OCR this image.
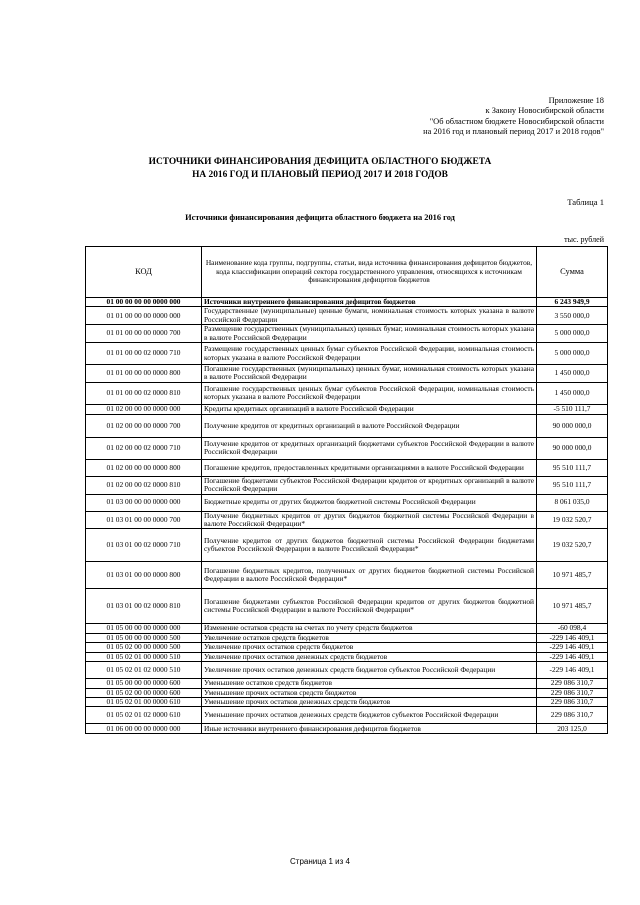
Приложение 18
к Закону Новосибирской области
"Об областном бюджете Новосибирской области
на 2016 год и плановый период 2017 и 2018 годов"
ИСТОЧНИКИ ФИНАНСИРОВАНИЯ ДЕФИЦИТА ОБЛАСТНОГО БЮДЖЕТА
НА 2016 ГОД И ПЛАНОВЫЙ ПЕРИОД 2017 И 2018 ГОДОВ
Таблица 1
Источники финансирования дефицита областного бюджета на 2016 год
тыс. рублей
КОД	Наименование кода группы, подгруппы, статьи, вида источника финансирования дефицитов бюджетов, кода классификации операций сектора государственного управления, относящихся к источникам финансирования дефицитов бюджетов	Сумма
01 00 00 00 00 0000 000	Источники внутреннего финансирования дефицитов бюджетов	6 243 949,9
01 01 00 00 00 0000 000	Государственные (муниципальные) ценные бумаги, номинальная стоимость которых указана в валюте Российской Федерации	3 550 000,0
01 01 00 00 00 0000 700	Размещение государственных (муниципальных) ценных бумаг, номинальная стоимость которых указана в валюте Российской Федерации	5 000 000,0
01 01 00 00 02 0000 710	Размещение государственных ценных бумаг субъектов Российской Федерации, номинальная стоимость которых указана в валюте Российской Федерации	5 000 000,0
01 01 00 00 00 0000 800	Погашение государственных (муниципальных) ценных бумаг, номинальная стоимость которых указана в валюте Российской Федерации	1 450 000,0
01 01 00 00 02 0000 810	Погашение государственных ценных бумаг субъектов Российской Федерации, номинальная стоимость которых указана в валюте Российской Федерации	1 450 000,0
01 02 00 00 00 0000 000	Кредиты кредитных организаций в валюте Российской Федерации	-5 510 111,7
01 02 00 00 00 0000 700	Получение кредитов от кредитных организаций в валюте Российской Федерации	90 000 000,0
01 02 00 00 02 0000 710	Получение кредитов от кредитных организаций бюджетами субъектов Российской Федерации в валюте Российской Федерации	90 000 000,0
01 02 00 00 00 0000 800	Погашение кредитов, предоставленных кредитными организациями в валюте Российской Федерации	95 510 111,7
01 02 00 00 02 0000 810	Погашение бюджетами субъектов Российской Федерации кредитов от кредитных организаций в валюте Российской Федерации	95 510 111,7
01 03 00 00 00 0000 000	Бюджетные кредиты от других бюджетов бюджетной системы Российской Федерации	8 061 035,0
01 03 01 00 00 0000 700	Получение бюджетных кредитов от других бюджетов бюджетной системы Российской Федерации в валюте Российской Федерации*	19 032 520,7
01 03 01 00 02 0000 710	Получение кредитов от других бюджетов бюджетной системы Российской Федерации бюджетами субъектов Российской Федерации в валюте Российской Федерации*	19 032 520,7
01 03 01 00 00 0000 800	Погашение бюджетных кредитов, полученных от других бюджетов бюджетной системы Российской Федерации в валюте Российской Федерации*	10 971 485,7
01 03 01 00 02 0000 810	Погашение бюджетами субъектов Российской Федерации кредитов от других бюджетов бюджетной системы Российской Федерации в валюте Российской Федерации*	10 971 485,7
01 05 00 00 00 0000 000	Изменение остатков средств на счетах по учету средств бюджетов	-60 098,4
01 05 00 00 00 0000 500	Увеличение остатков средств бюджетов	-229 146 409,1
01 05 02 00 00 0000 500	Увеличение прочих остатков средств бюджетов	-229 146 409,1
01 05 02 01 00 0000 510	Увеличение прочих остатков денежных средств бюджетов	-229 146 409,1
01 05 02 01 02 0000 510	Увеличение прочих остатков денежных средств бюджетов субъектов Российской Федерации	-229 146 409,1
01 05 00 00 00 0000 600	Уменьшение остатков средств бюджетов	229 086 310,7
01 05 02 00 00 0000 600	Уменьшение прочих остатков средств бюджетов	229 086 310,7
01 05 02 01 00 0000 610	Уменьшение прочих остатков денежных средств бюджетов	229 086 310,7
01 05 02 01 02 0000 610	Уменьшение прочих остатков денежных средств бюджетов субъектов Российской Федерации	229 086 310,7
01 06 00 00 00 0000 000	Иные источники внутреннего финансирования дефицитов бюджетов	203 125,0
Страница 1 из 4
